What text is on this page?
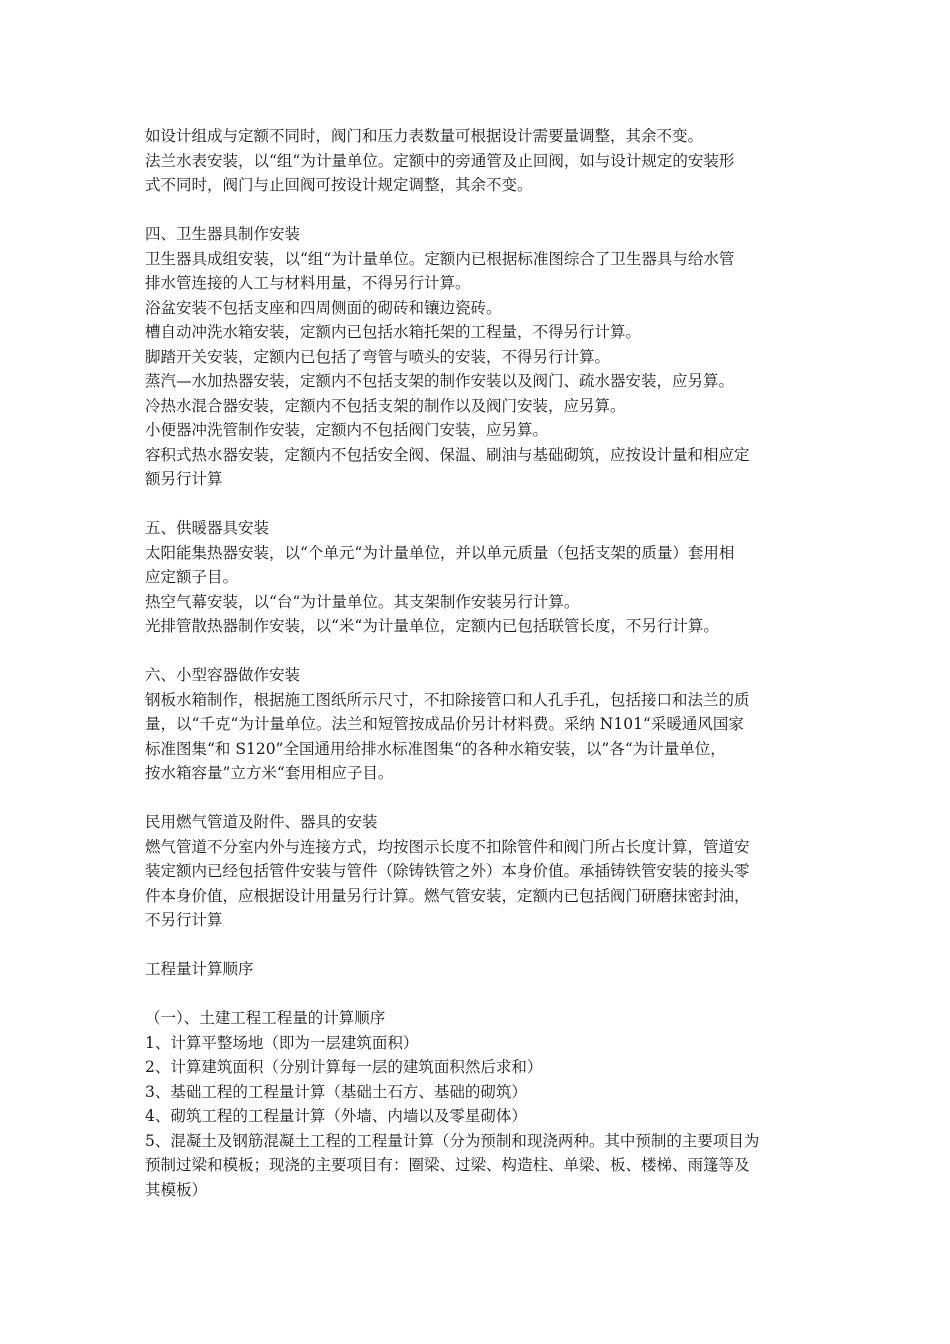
如设计组成与定额不同时，阀门和压力表数量可根据设计需要量调整，其余不变。

法兰水表安装，以“组“为计量单位。定额中的旁通管及止回阀，如与设计规定的安装形

式不同时，阀门与止回阀可按设计规定调整，其余不变。

四、卫生器具制作安装

卫生器具成组安装，以“组“为计量单位。定额内已根据标准图综合了卫生器具与给水管

排水管连接的人工与材料用量，不得另行计算。

浴盆安装不包括支座和四周侧面的砌砖和镶边瓷砖。

槽自动冲洗水箱安装，定额内已包括水箱托架的工程量，不得另行计算。

脚踏开关安装，定额内已包括了弯管与喷头的安装，不得另行计算。

蒸汽—水加热器安装，定额内不包括支架的制作安装以及阀门、疏水器安装，应另算。

冷热水混合器安装，定额内不包括支架的制作以及阀门安装，应另算。

小便器冲洗管制作安装，定额内不包括阀门安装，应另算。

容积式热水器安装，定额内不包括安全阀、保温、刷油与基础砌筑，应按设计量和相应定

额另行计算

五、供暖器具安装

太阳能集热器安装，以“个单元“为计量单位，并以单元质量（包括支架的质量）套用相

应定额子目。

热空气幕安装，以“台“为计量单位。其支架制作安装另行计算。

光排管散热器制作安装，以“米“为计量单位，定额内已包括联管长度，不另行计算。

六、小型容器做作安装

钢板水箱制作，根据施工图纸所示尺寸，不扣除接管口和人孔手孔，包括接口和法兰的质

量，以“千克“为计量单位。法兰和短管按成品价另计材料费。采纳 N101“采暖通风国家

标准图集“和 S120”全国通用给排水标准图集“的各种水箱安装，以”各“为计量单位，

按水箱容量”立方米“套用相应子目。

民用燃气管道及附件、器具的安装

燃气管道不分室内外与连接方式，均按图示长度不扣除管件和阀门所占长度计算，管道安

装定额内已经包括管件安装与管件（除铸铁管之外）本身价值。承插铸铁管安装的接头零

件本身价值，应根据设计用量另行计算。燃气管安装，定额内已包括阀门研磨抹密封油，

不另行计算

工程量计算顺序

（一）、土建工程工程量的计算顺序

1、计算平整场地（即为一层建筑面积）

2、计算建筑面积（分别计算每一层的建筑面积然后求和）

3、基础工程的工程量计算（基础土石方、基础的砌筑）

4、砌筑工程的工程量计算（外墙、内墙以及零星砌体）

5、混凝土及钢筋混凝土工程的工程量计算（分为预制和现浇两种。其中预制的主要项目为

预制过梁和模板；现浇的主要项目有：圈梁、过梁、构造柱、单梁、板、楼梯、雨篷等及

其模板）
